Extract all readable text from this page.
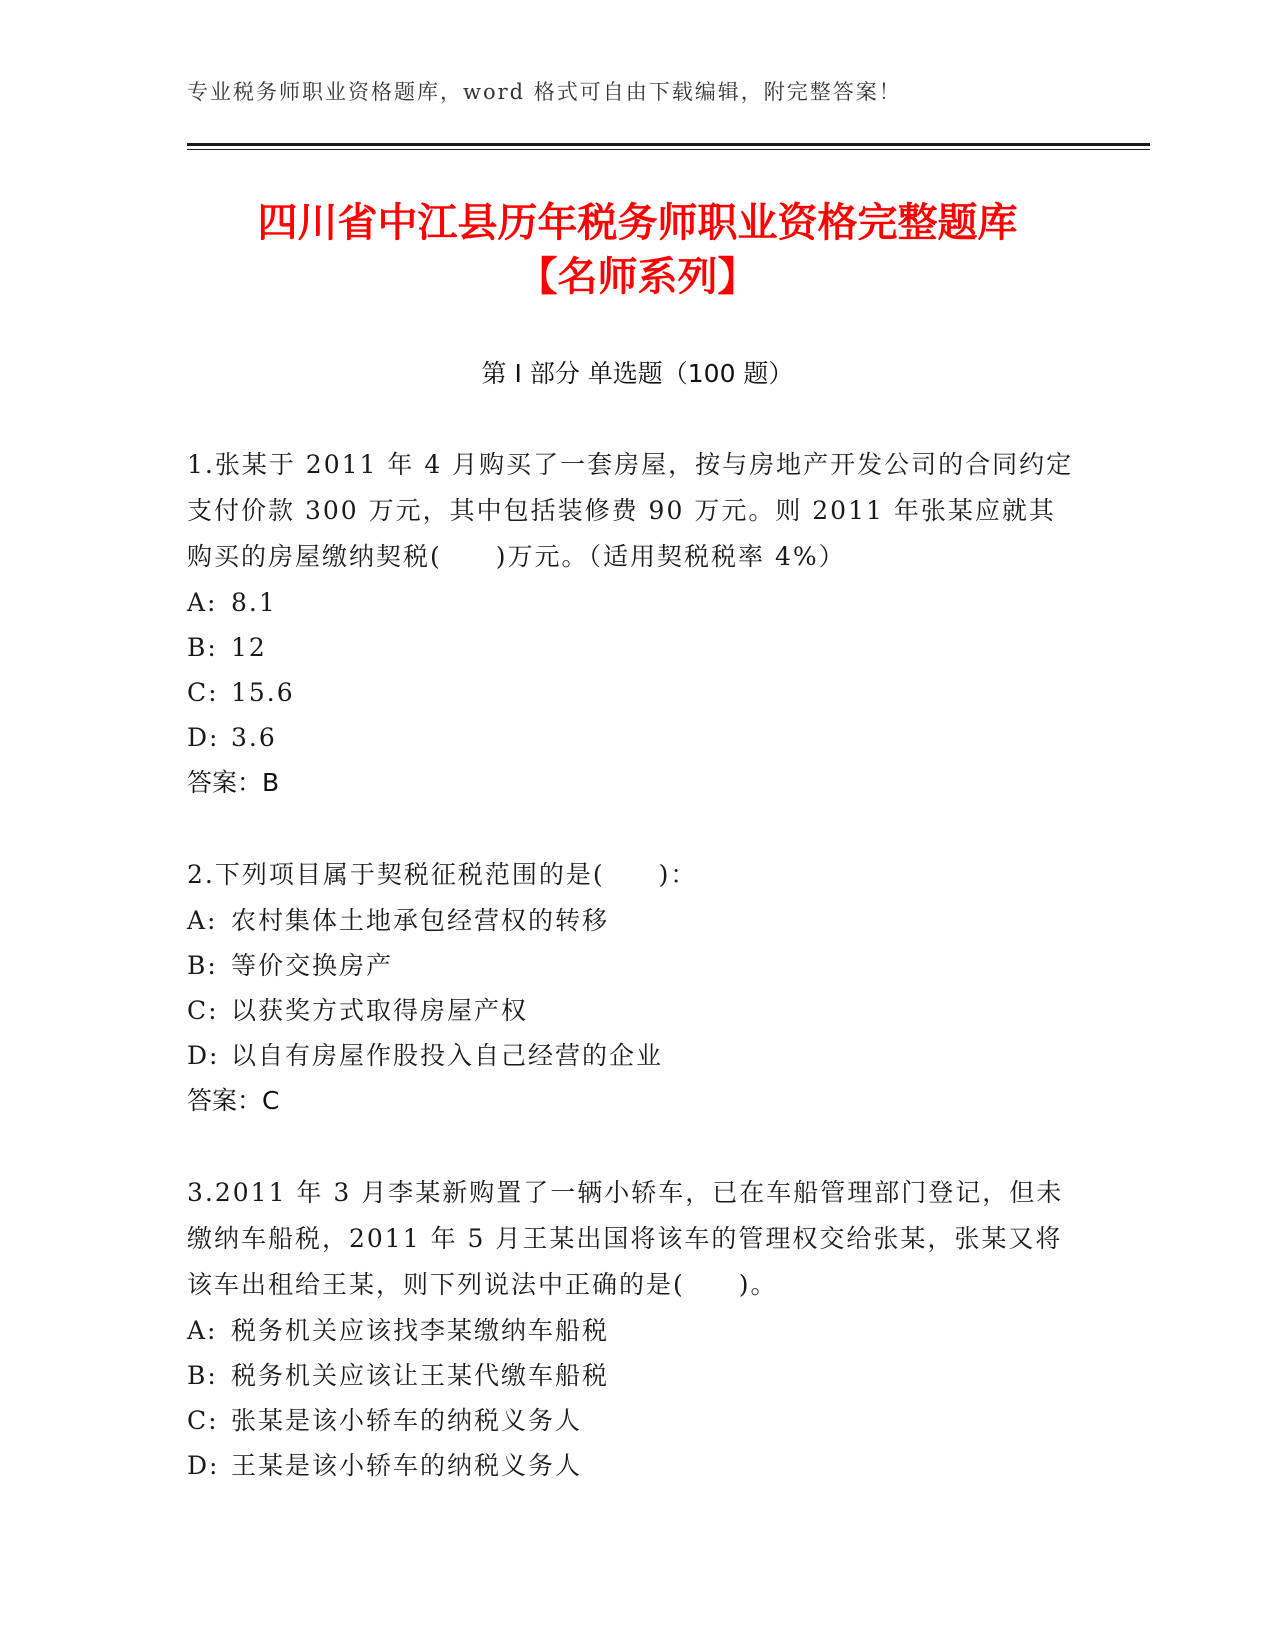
专业税务师职业资格题库，word 格式可自由下载编辑，附完整答案！
四川省中江县历年税务师职业资格完整题库
【名师系列】
第 I 部分 单选题（100 题）

1.张某于 2011 年 4 月购买了一套房屋，按与房地产开发公司的合同约定支付价款 300 万元，其中包括装修费 90 万元。则 2011 年张某应就其购买的房屋缴纳契税(　　)万元。（适用契税税率 4%）

A: 8.1
B: 12
C: 15.6
D: 3.6
答案：B

2.下列项目属于契税征税范围的是(　　)：

A: 农村集体土地承包经营权的转移
B: 等价交换房产
C: 以获奖方式取得房屋产权
D: 以自有房屋作股投入自己经营的企业
答案：C

3.2011 年 3 月李某新购置了一辆小轿车，已在车船管理部门登记，但未缴纳车船税，2011 年 5 月王某出国将该车的管理权交给张某，张某又将该车出租给王某，则下列说法中正确的是(　　)。

A: 税务机关应该找李某缴纳车船税
B: 税务机关应该让王某代缴车船税
C: 张某是该小轿车的纳税义务人
D: 王某是该小轿车的纳税义务人
